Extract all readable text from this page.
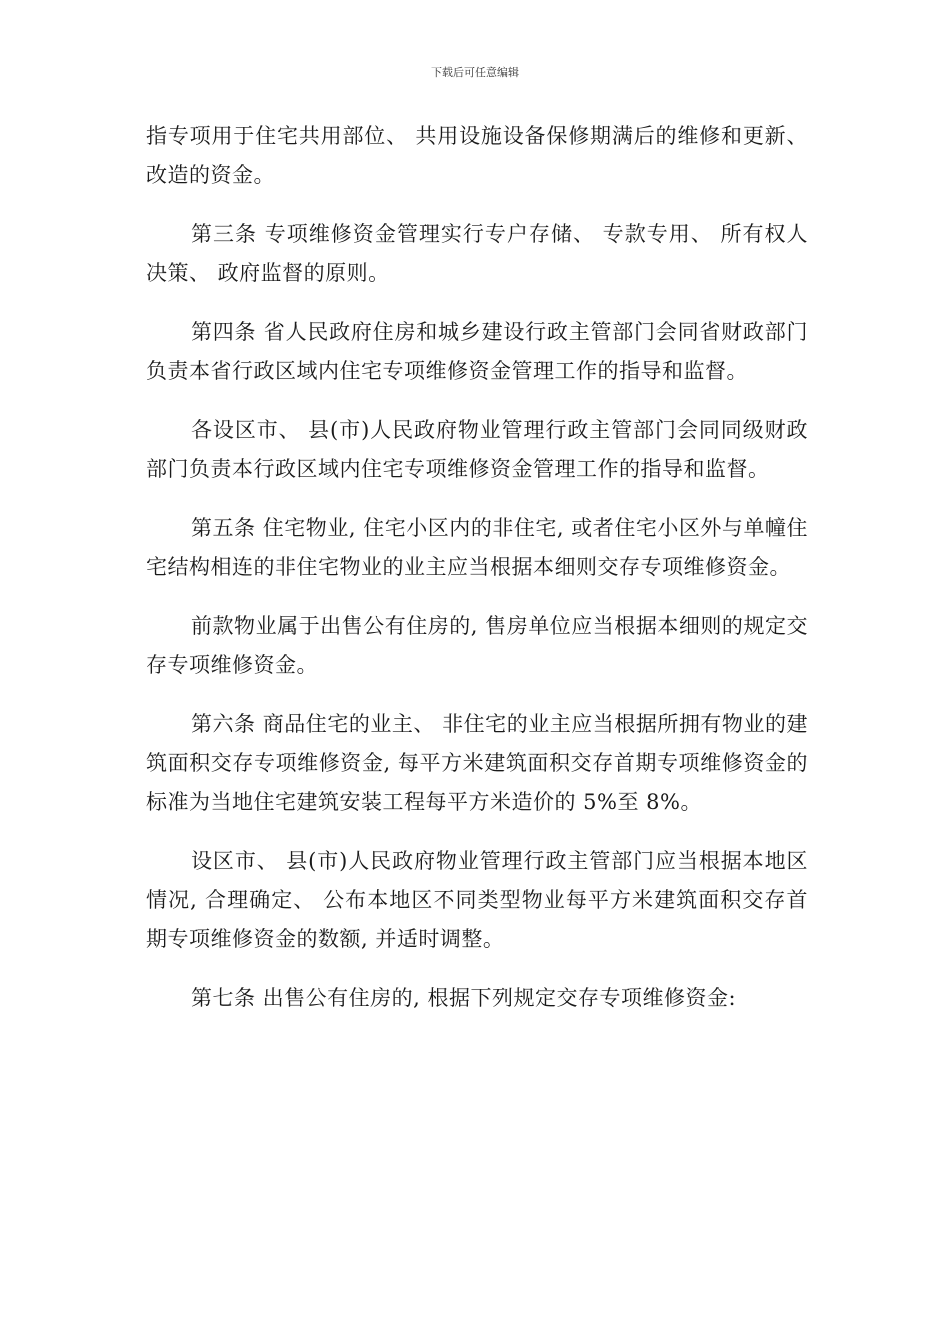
下载后可任意编辑

指专项用于住宅共用部位、 共用设施设备保修期满后的维修和更新、 改造的资金。

第三条 专项维修资金管理实行专户存储、 专款专用、 所有权人决策、 政府监督的原则。

第四条 省人民政府住房和城乡建设行政主管部门会同省财政部门负责本省行政区域内住宅专项维修资金管理工作的指导和监督。

各设区市、 县(市)人民政府物业管理行政主管部门会同同级财政部门负责本行政区域内住宅专项维修资金管理工作的指导和监督。

第五条 住宅物业, 住宅小区内的非住宅, 或者住宅小区外与单幢住宅结构相连的非住宅物业的业主应当根据本细则交存专项维修资金。

前款物业属于出售公有住房的, 售房单位应当根据本细则的规定交存专项维修资金。

第六条 商品住宅的业主、 非住宅的业主应当根据所拥有物业的建筑面积交存专项维修资金, 每平方米建筑面积交存首期专项维修资金的标准为当地住宅建筑安装工程每平方米造价的 5%至 8%。

设区市、 县(市)人民政府物业管理行政主管部门应当根据本地区情况, 合理确定、 公布本地区不同类型物业每平方米建筑面积交存首期专项维修资金的数额, 并适时调整。

第七条 出售公有住房的, 根据下列规定交存专项维修资金:
